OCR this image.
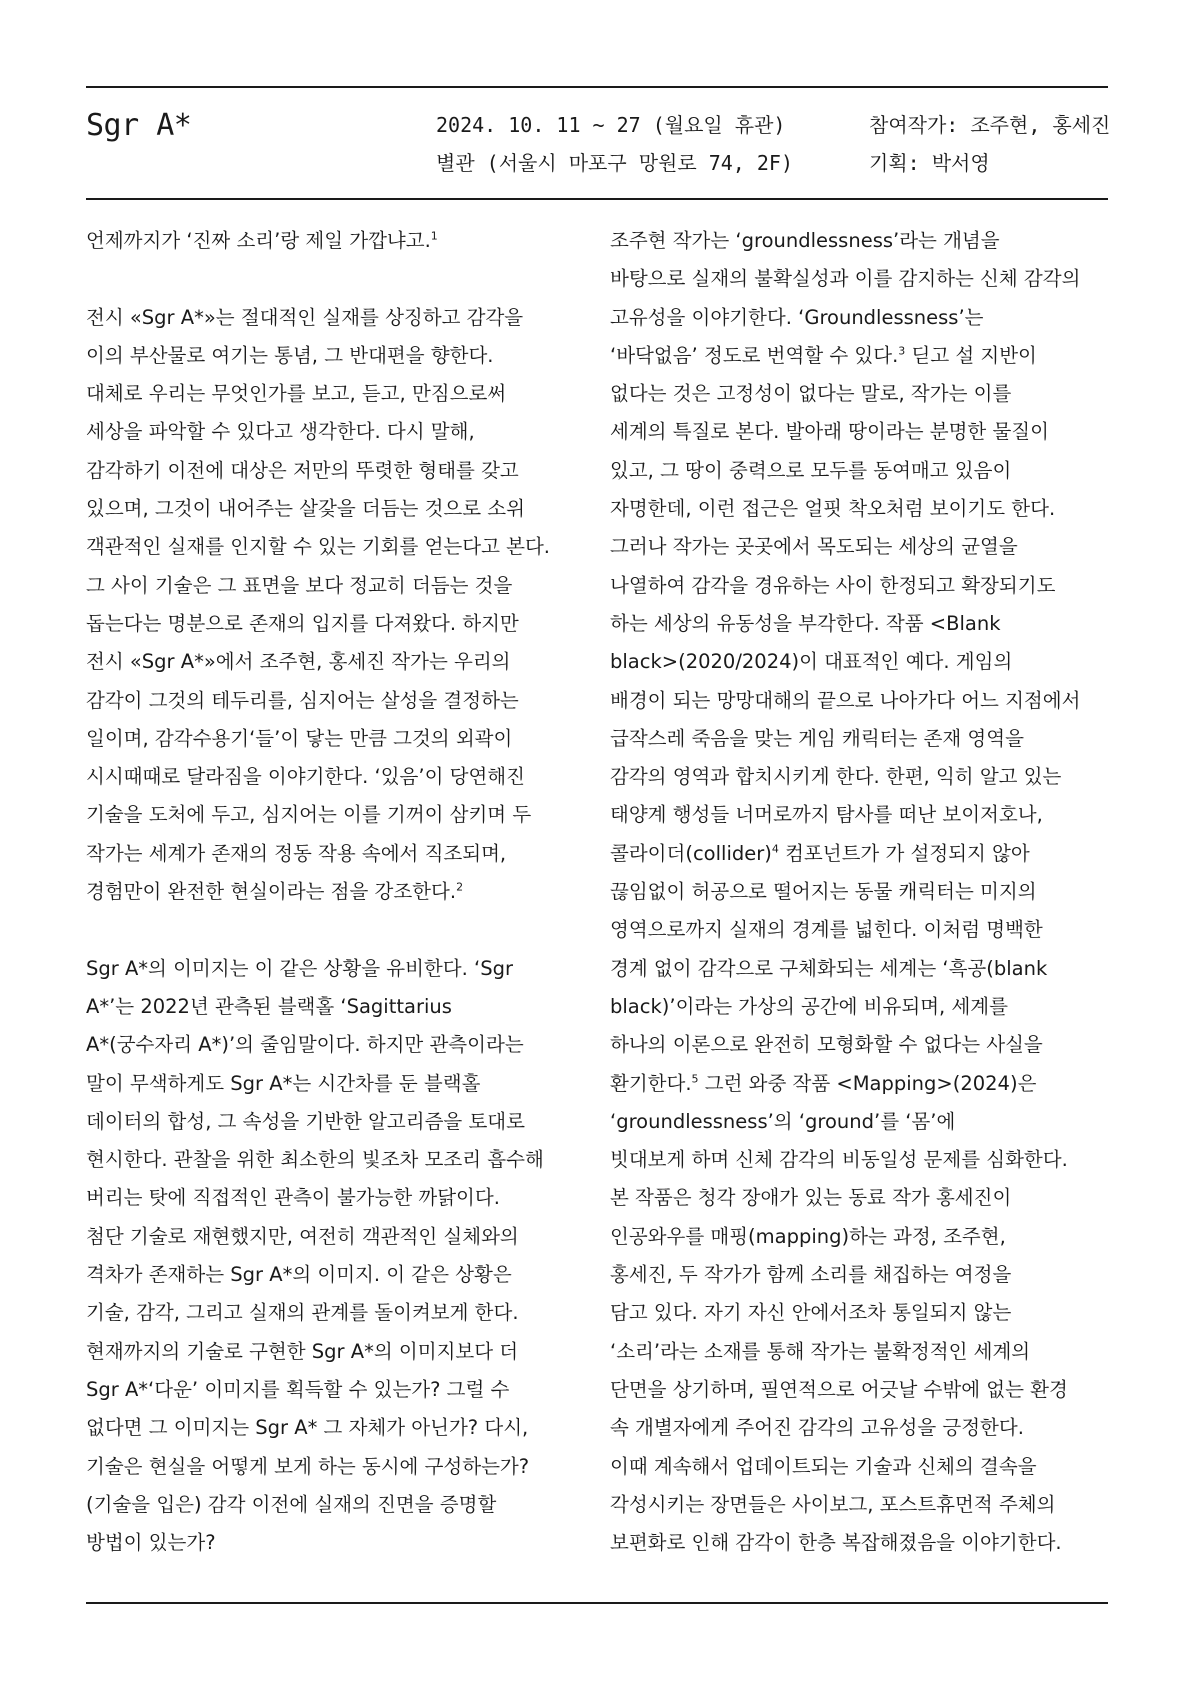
Sgr A*	2024. 10. 11 ~ 27 (월요일 휴관)
별관 (서울시 마포구 망원로 74, 2F)
참여작가: 조주현, 홍세진
기획: 박서영

언제까지가 ‘진짜 소리’랑 제일 가깝냐고.$^1$

전시 «Sgr A*»는 절대적인 실재를 상징하고 감각을
이의 부산물로 여기는 통념, 그 반대편을 향한다.
대체로 우리는 무엇인가를 보고, 듣고, 만짐으로써
세상을 파악할 수 있다고 생각한다. 다시 말해,
감각하기 이전에 대상은 저만의 뚜렷한 형태를 갖고
있으며, 그것이 내어주는 살갗을 더듬는 것으로 소위
객관적인 실재를 인지할 수 있는 기회를 얻는다고 본다.
그 사이 기술은 그 표면을 보다 정교히 더듬는 것을
돕는다는 명분으로 존재의 입지를 다져왔다. 하지만
전시 «Sgr A*»에서 조주현, 홍세진 작가는 우리의
감각이 그것의 테두리를, 심지어는 살성을 결정하는
일이며, 감각수용기‘들’이 닿는 만큼 그것의 외곽이
시시때때로 달라짐을 이야기한다. ‘있음’이 당연해진
기술을 도처에 두고, 심지어는 이를 기꺼이 삼키며 두
작가는 세계가 존재의 정동 작용 속에서 직조되며,
경험만이 완전한 현실이라는 점을 강조한다.$^2$

Sgr A*의 이미지는 이 같은 상황을 유비한다. ‘Sgr
A*’는 2022년 관측된 블랙홀 ‘Sagittarius
A*(궁수자리 A*)’의 줄임말이다. 하지만 관측이라는
말이 무색하게도 Sgr A*는 시간차를 둔 블랙홀
데이터의 합성, 그 속성을 기반한 알고리즘을 토대로
현시한다. 관찰을 위한 최소한의 빛조차 모조리 흡수해
버리는 탓에 직접적인 관측이 불가능한 까닭이다.
첨단 기술로 재현했지만, 여전히 객관적인 실체와의
격차가 존재하는 Sgr A*의 이미지. 이 같은 상황은
기술, 감각, 그리고 실재의 관계를 돌이켜보게 한다.
현재까지의 기술로 구현한 Sgr A*의 이미지보다 더
Sgr A*‘다운’ 이미지를 획득할 수 있는가? 그럴 수
없다면 그 이미지는 Sgr A* 그 자체가 아닌가? 다시,
기술은 현실을 어떻게 보게 하는 동시에 구성하는가?
(기술을 입은) 감각 이전에 실재의 진면을 증명할
방법이 있는가?

조주현 작가는 ‘groundlessness’라는 개념을
바탕으로 실재의 불확실성과 이를 감지하는 신체 감각의
고유성을 이야기한다. ‘Groundlessness’는
‘바닥없음’ 정도로 번역할 수 있다.$^3$ 딛고 설 지반이
없다는 것은 고정성이 없다는 말로, 작가는 이를
세계의 특질로 본다. 발아래 땅이라는 분명한 물질이
있고, 그 땅이 중력으로 모두를 동여매고 있음이
자명한데, 이런 접근은 얼핏 착오처럼 보이기도 한다.
그러나 작가는 곳곳에서 목도되는 세상의 균열을
나열하여 감각을 경유하는 사이 한정되고 확장되기도
하는 세상의 유동성을 부각한다. 작품 <Blank
black>(2020/2024)이 대표적인 예다. 게임의
배경이 되는 망망대해의 끝으로 나아가다 어느 지점에서
급작스레 죽음을 맞는 게임 캐릭터는 존재 영역을
감각의 영역과 합치시키게 한다. 한편, 익히 알고 있는
태양계 행성들 너머로까지 탐사를 떠난 보이저호나,
콜라이더(collider)$^4$ 컴포넌트가 가 설정되지 않아
끊임없이 허공으로 떨어지는 동물 캐릭터는 미지의
영역으로까지 실재의 경계를 넓힌다. 이처럼 명백한
경계 없이 감각으로 구체화되는 세계는 ‘흑공(blank
black)’이라는 가상의 공간에 비유되며, 세계를
하나의 이론으로 완전히 모형화할 수 없다는 사실을
환기한다.$^5$ 그런 와중 작품 <Mapping>(2024)은
‘groundlessness’의 ‘ground’를 ‘몸’에
빗대보게 하며 신체 감각의 비동일성 문제를 심화한다.
본 작품은 청각 장애가 있는 동료 작가 홍세진이
인공와우를 매핑(mapping)하는 과정, 조주현,
홍세진, 두 작가가 함께 소리를 채집하는 여정을
담고 있다. 자기 자신 안에서조차 통일되지 않는
‘소리’라는 소재를 통해 작가는 불확정적인 세계의
단면을 상기하며, 필연적으로 어긋날 수밖에 없는 환경
속 개별자에게 주어진 감각의 고유성을 긍정한다.
이때 계속해서 업데이트되는 기술과 신체의 결속을
각성시키는 장면들은 사이보그, 포스트휴먼적 주체의
보편화로 인해 감각이 한층 복잡해졌음을 이야기한다.
